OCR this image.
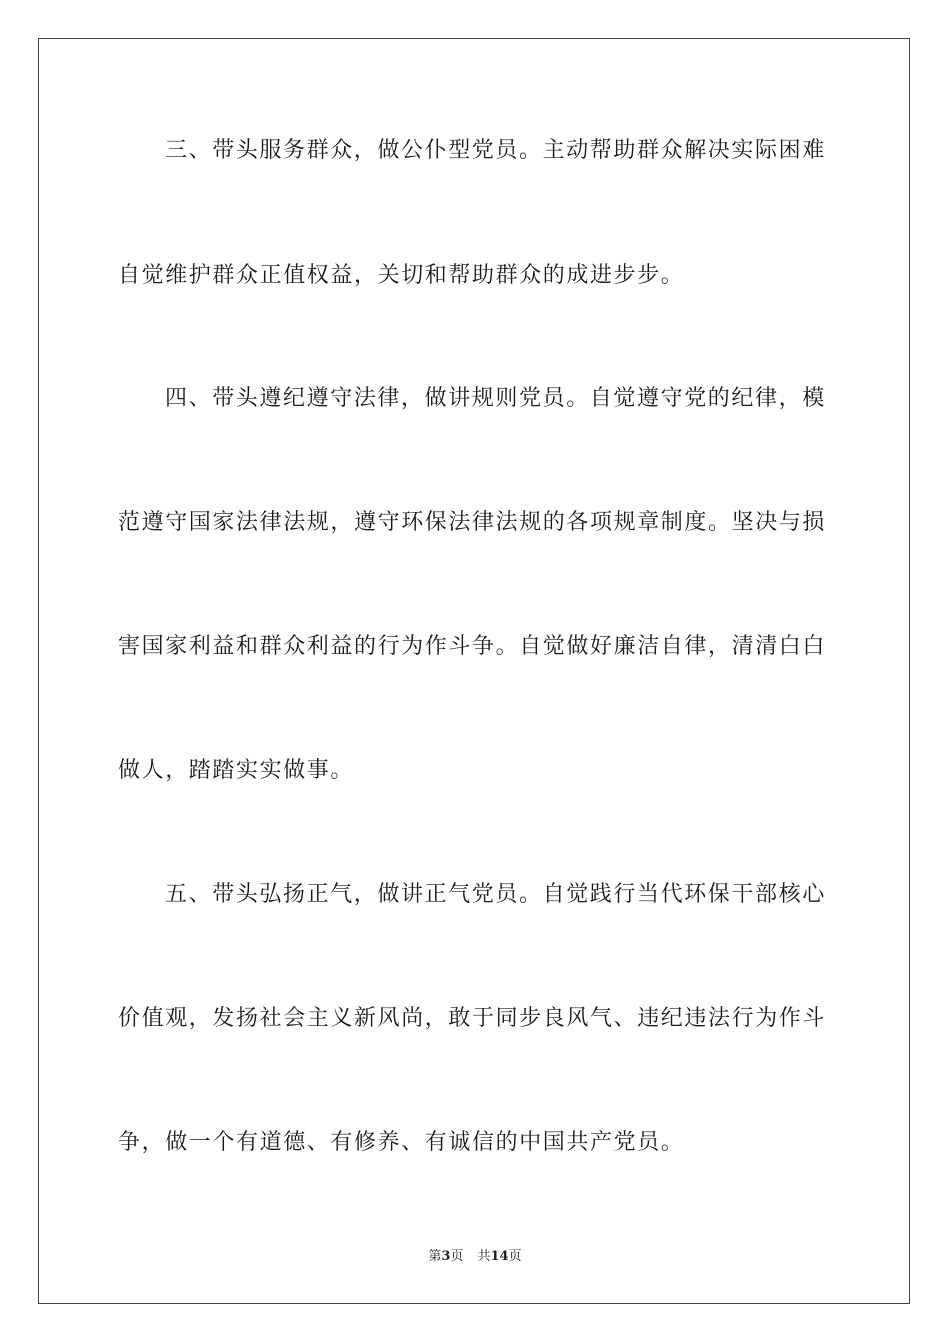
三、带头服务群众，做公仆型党员。主动帮助群众解决实际困难
自觉维护群众正值权益，关切和帮助群众的成进步步。
四、带头遵纪遵守法律，做讲规则党员。自觉遵守党的纪律，模
范遵守国家法律法规，遵守环保法律法规的各项规章制度。坚决与损
害国家利益和群众利益的行为作斗争。自觉做好廉洁自律，清清白白
做人，踏踏实实做事。
五、带头弘扬正气，做讲正气党员。自觉践行当代环保干部核心
价值观，发扬社会主义新风尚，敢于同步良风气、违纪违法行为作斗
争，做一个有道德、有修养、有诚信的中国共产党员。
第3页 共14页
